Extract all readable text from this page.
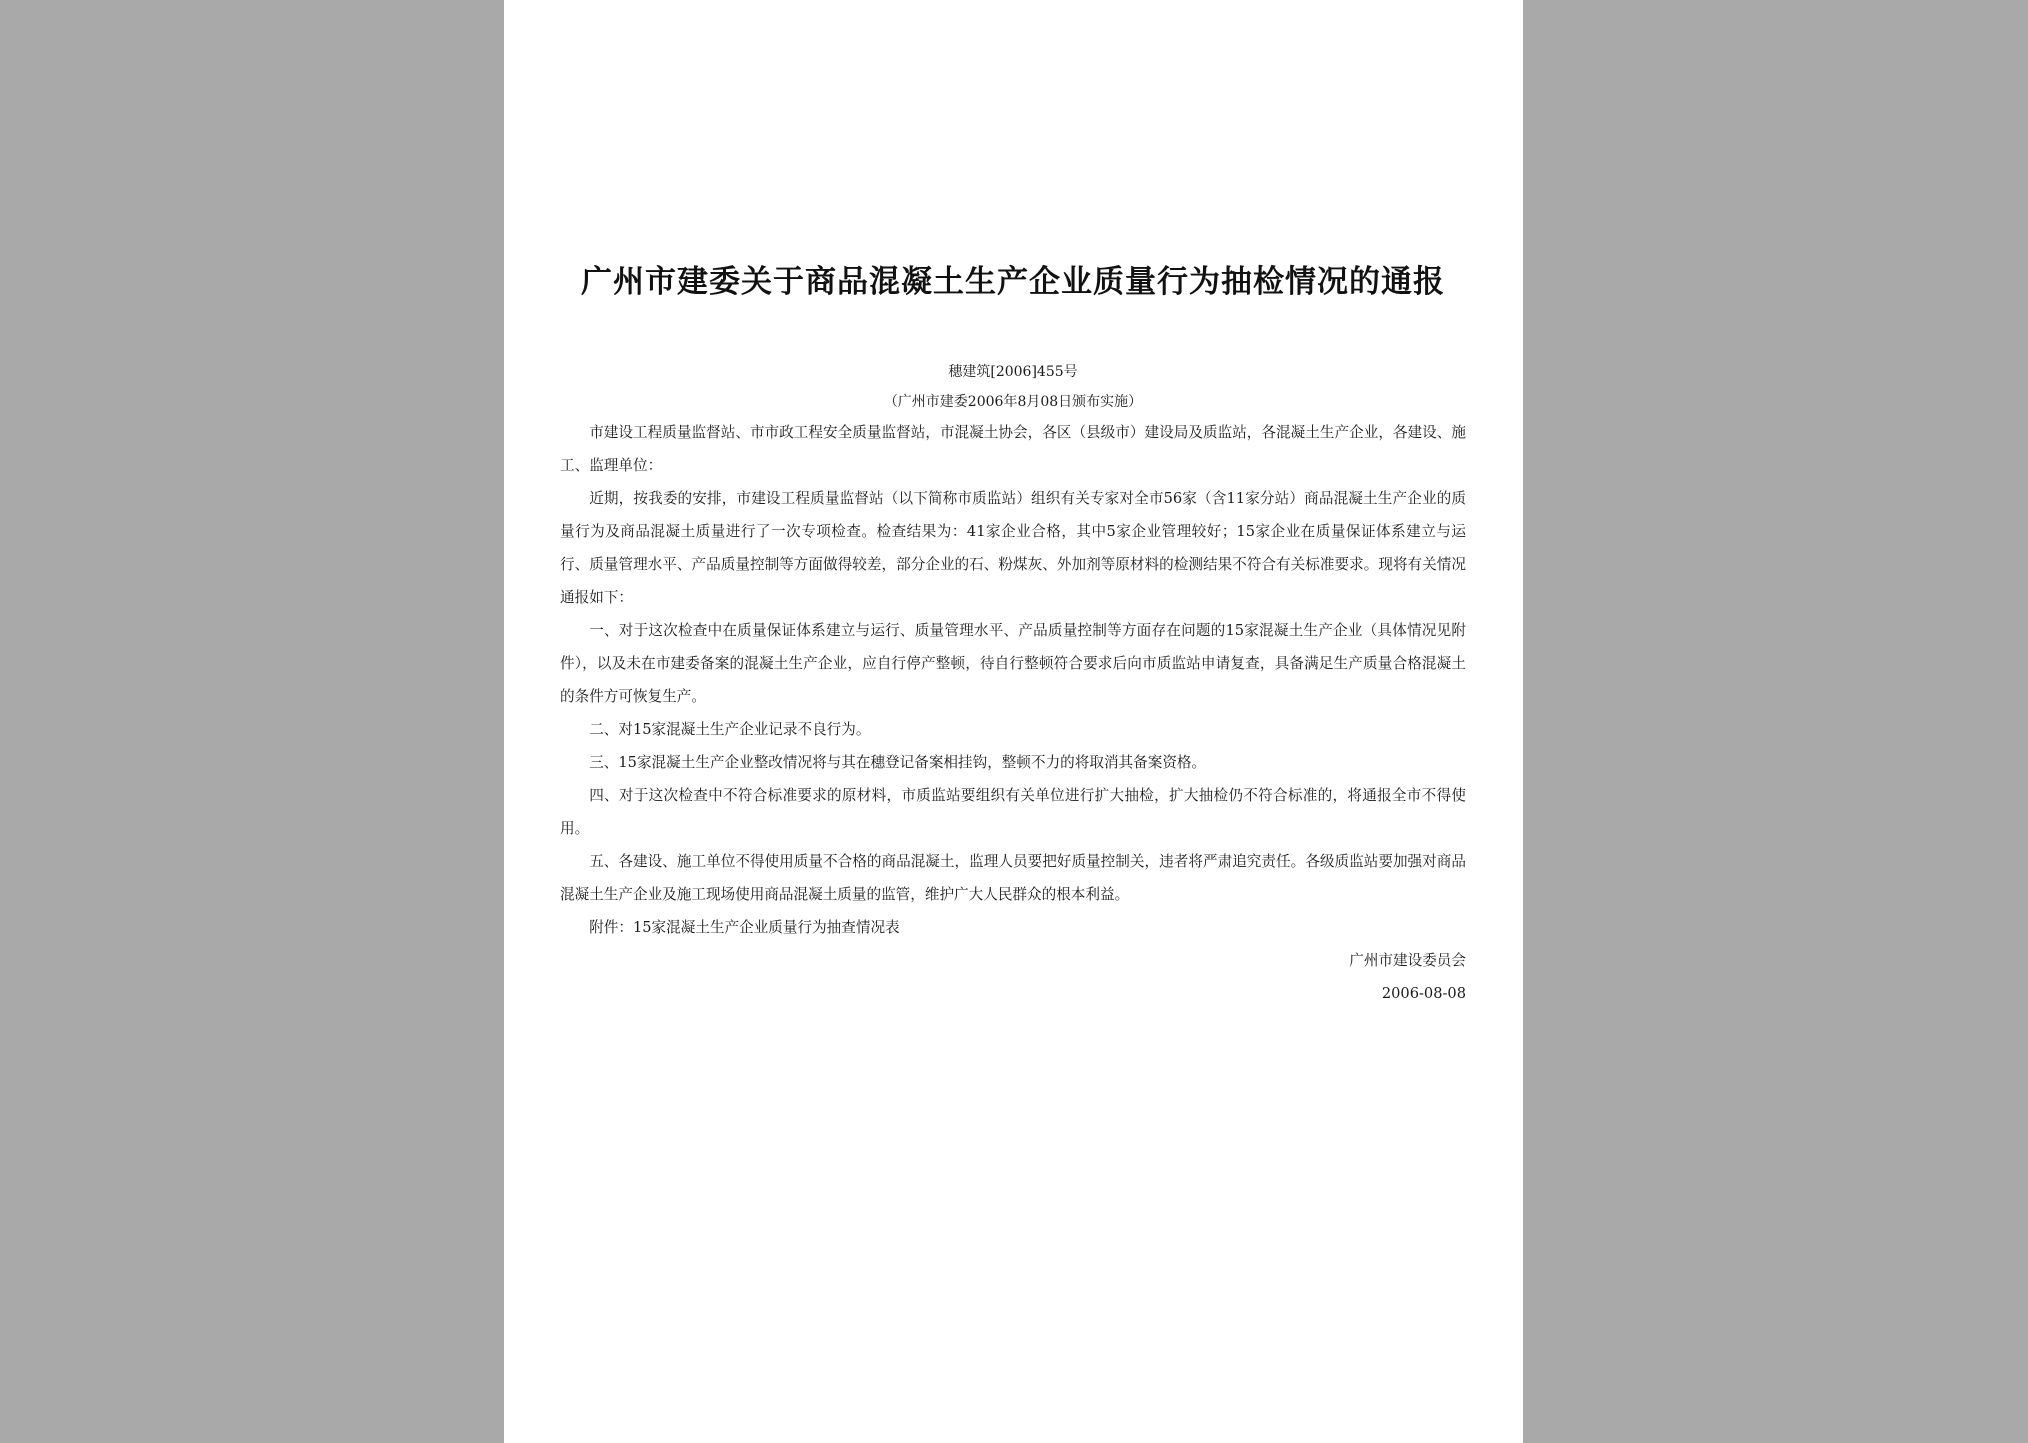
广州市建委关于商品混凝土生产企业质量行为抽检情况的通报
穗建筑[2006]455号
（广州市建委2006年8月08日颁布实施）

市建设工程质量监督站、市市政工程安全质量监督站，市混凝土协会，各区（县级市）建设局及质监站，各混凝土生产企业，各建设、施工、监理单位：

近期，按我委的安排，市建设工程质量监督站（以下简称市质监站）组织有关专家对全市56家（含11家分站）商品混凝土生产企业的质量行为及商品混凝土质量进行了一次专项检查。检查结果为：41家企业合格，其中5家企业管理较好；15家企业在质量保证体系建立与运行、质量管理水平、产品质量控制等方面做得较差，部分企业的石、粉煤灰、外加剂等原材料的检测结果不符合有关标准要求。现将有关情况通报如下：

一、对于这次检查中在质量保证体系建立与运行、质量管理水平、产品质量控制等方面存在问题的15家混凝土生产企业（具体情况见附件），以及未在市建委备案的混凝土生产企业，应自行停产整顿，待自行整顿符合要求后向市质监站申请复查，具备满足生产质量合格混凝土的条件方可恢复生产。

二、对15家混凝土生产企业记录不良行为。

三、15家混凝土生产企业整改情况将与其在穗登记备案相挂钩，整顿不力的将取消其备案资格。

四、对于这次检查中不符合标准要求的原材料，市质监站要组织有关单位进行扩大抽检，扩大抽检仍不符合标准的，将通报全市不得使用。

五、各建设、施工单位不得使用质量不合格的商品混凝土，监理人员要把好质量控制关，违者将严肃追究责任。各级质监站要加强对商品混凝土生产企业及施工现场使用商品混凝土质量的监管，维护广大人民群众的根本利益。

附件：15家混凝土生产企业质量行为抽查情况表

广州市建设委员会
2006-08-08
